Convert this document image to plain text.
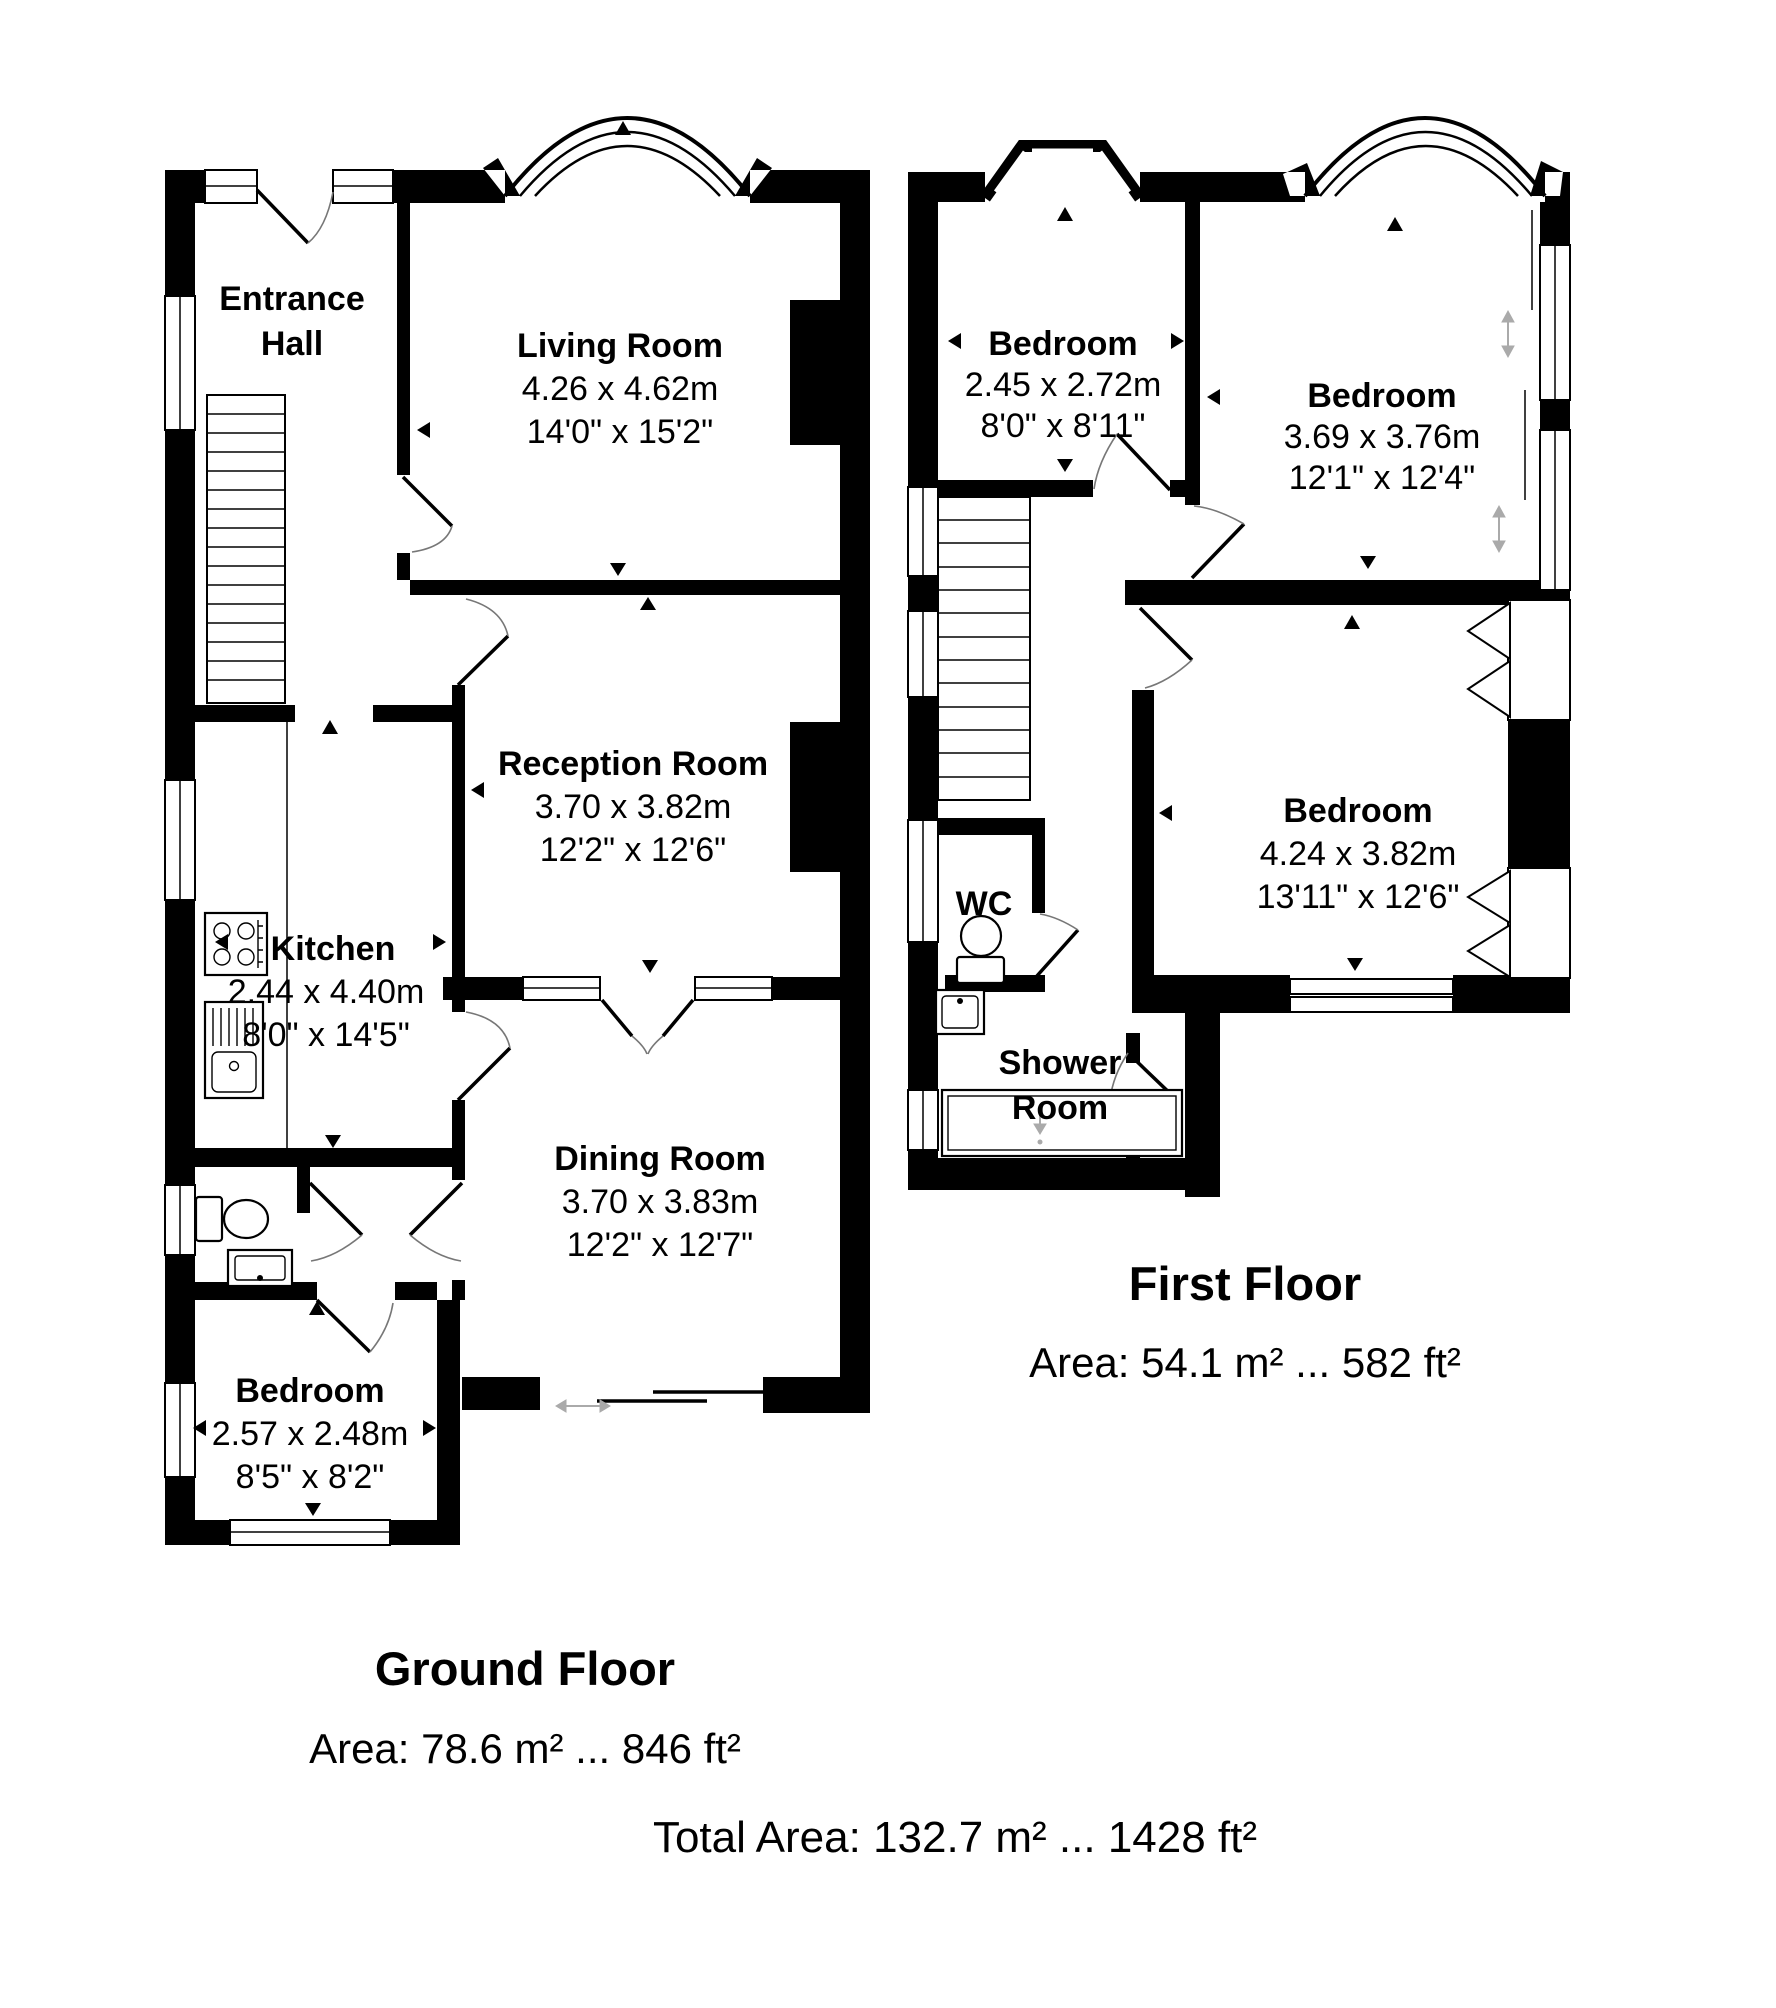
Entrance
Hall	Living Room
4.26 x 4.62m
14'0" x 15'2"
Reception Room
3.70 x 3.82m
12'2" x 12'6"
Kitchen
2.44 x 4.40m
8'0" x 14'5"
Dining Room
3.70 x 3.83m
12'2" x 12'7"
Bedroom
2.57 x 2.48m
8'5" x 8'2"
Ground Floor
Area: 78.6 m² ... 846 ft²
Bedroom
2.45 x 2.72m
8'0" x 8'11"
Bedroom
3.69 x 3.76m
12'1" x 12'4"
Bedroom
4.24 x 3.82m
13'11" x 12'6"
WC
Shower
Room
First Floor
Area: 54.1 m² ... 582 ft²
Total Area: 132.7 m² ... 1428 ft²
